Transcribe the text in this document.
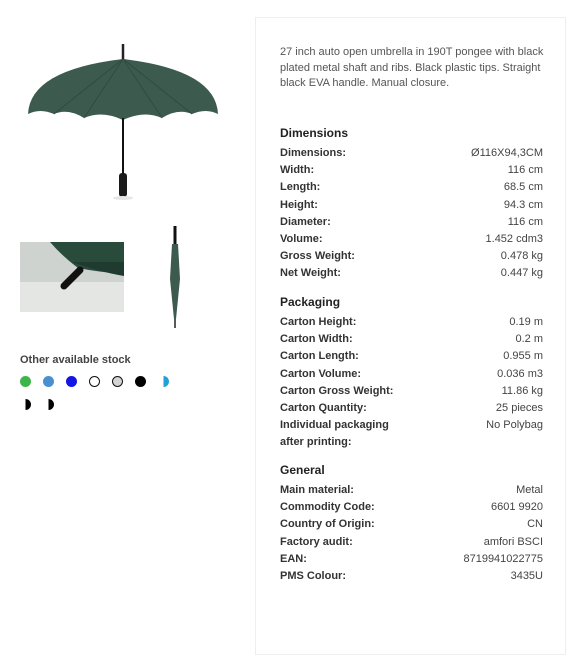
Other available stock
27 inch auto open umbrella in 190T pongee with black plated metal shaft and ribs. Black plastic tips. Straight black EVA handle. Manual closure.
Dimensions
Dimensions:	Ø116X94,3CM
Width:	116 cm
Length:	68.5 cm
Height:	94.3 cm
Diameter:	116 cm
Volume:	1.452 cdm3
Gross Weight:	0.478 kg
Net Weight:	0.447 kg
Packaging
Carton Height:	0.19 m
Carton Width:	0.2 m
Carton Length:	0.955 m
Carton Volume:	0.036 m3
Carton Gross Weight:	11.86 kg
Carton Quantity:	25 pieces
Individual packaging after printing:
No Polybag
General
Main material:	Metal
Commodity Code:	6601 9920
Country of Origin:	CN
Factory audit:	amfori BSCI
EAN:	8719941022775
PMS Colour:	3435U
